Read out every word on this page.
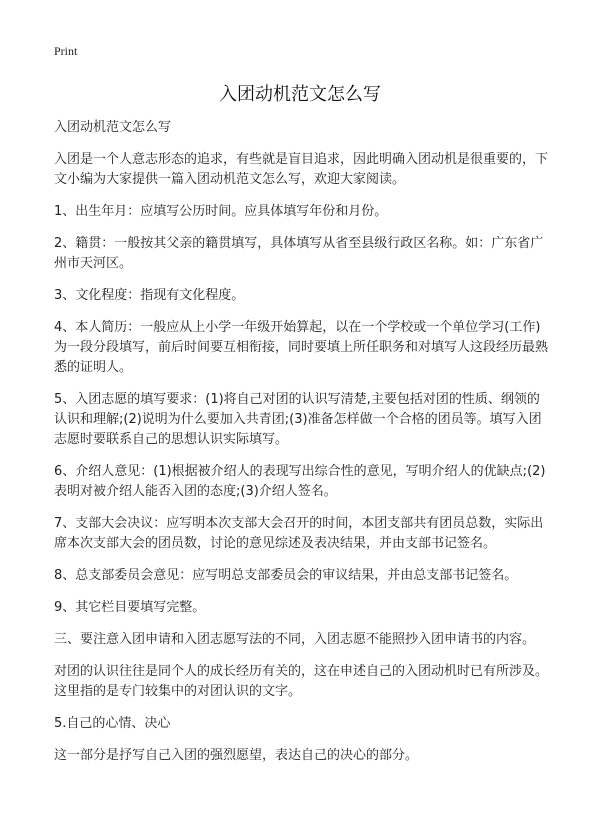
Print
入团动机范文怎么写

入团动机范文怎么写

入团是一个人意志形态的追求，有些就是盲目追求，因此明确入团动机是很重要的，下文小编为大家提供一篇入团动机范文怎么写，欢迎大家阅读。

1、出生年月：应填写公历时间。应具体填写年份和月份。

2、籍贯：一般按其父亲的籍贯填写，具体填写从省至县级行政区名称。如：广东省广州市天河区。

3、文化程度：指现有文化程度。

4、本人简历：一般应从上小学一年级开始算起，以在一个学校或一个单位学习(工作)为一段分段填写，前后时间要互相衔接，同时要填上所任职务和对填写人这段经历最熟悉的证明人。

5、入团志愿的填写要求：(1)将自己对团的认识写清楚,主要包括对团的性质、纲领的认识和理解;(2)说明为什么要加入共青团;(3)准备怎样做一个合格的团员等。填写入团志愿时要联系自己的思想认识实际填写。

6、介绍人意见：(1)根据被介绍人的表现写出综合性的意见，写明介绍人的优缺点;(2)表明对被介绍人能否入团的态度;(3)介绍人签名。

7、支部大会决议：应写明本次支部大会召开的时间，本团支部共有团员总数，实际出席本次支部大会的团员数，讨论的意见综述及表决结果，并由支部书记签名。

8、总支部委员会意见：应写明总支部委员会的审议结果，并由总支部书记签名。

9、其它栏目要填写完整。

三、要注意入团申请和入团志愿写法的不同，入团志愿不能照抄入团申请书的内容。

对团的认识往往是同个人的成长经历有关的，这在申述自己的入团动机时已有所涉及。这里指的是专门较集中的对团认识的文字。

5.自己的心情、决心

这一部分是抒写自己入团的强烈愿望，表达自己的决心的部分。
